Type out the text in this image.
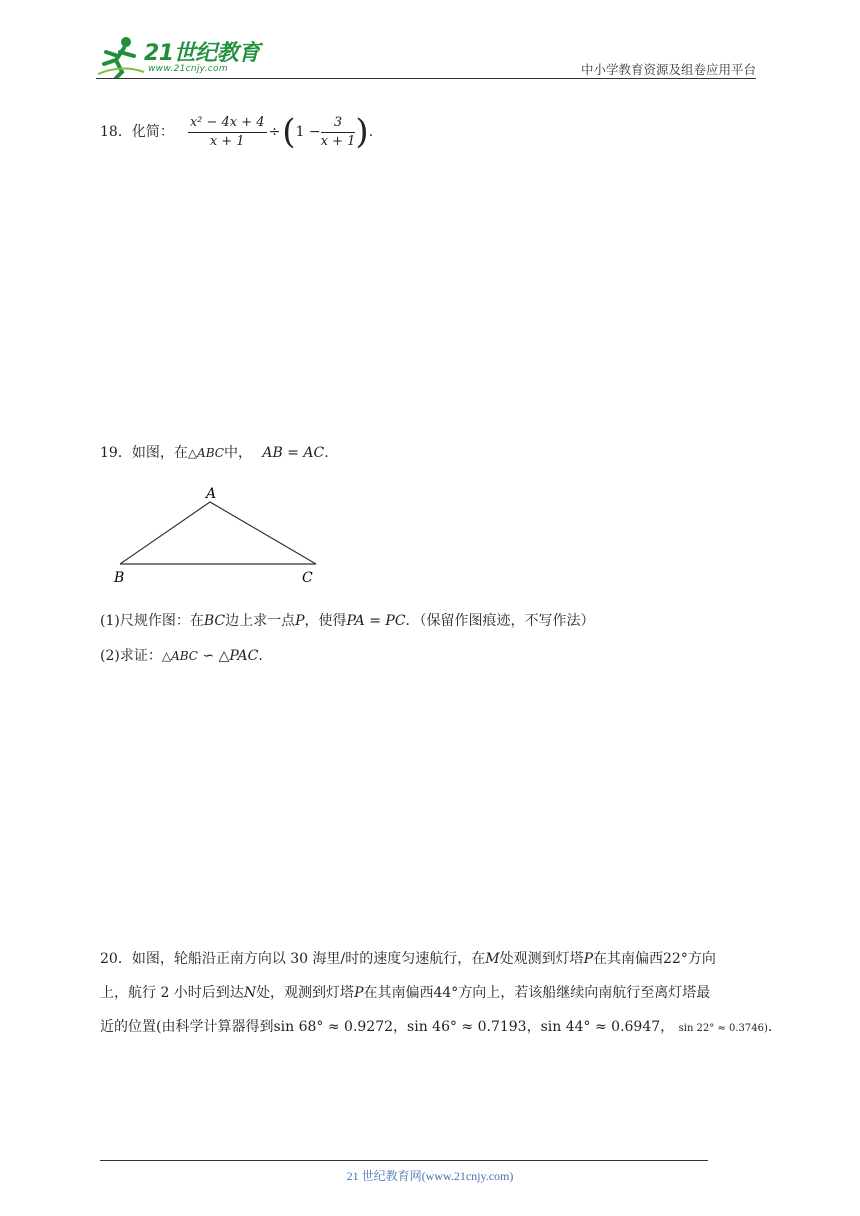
21世纪教育
www.21cnjy.com	中小学教育资源及组卷应用平台
18． 化简： $\frac{\text{x² − 4x + 4}}{x + 1}$ ÷ ( $1 - \frac{3}{x + 1}$ ) .
19．如图，在△ABC中， AB = AC.
A
B	C
(1)尺规作图：在BC边上求一点P，使得PA = PC．（保留作图痕迹，不写作法）
(2)求证：△ABC ∽ △PAC.
20．如图，轮船沿正南方向以 30 海里/时的速度匀速航行，在M处观测到灯塔P在其南偏西22°方向
上，航行 2 小时后到达N处，观测到灯塔P在其南偏西44°方向上，若该船继续向南航行至离灯塔最
近的位置(由科学计算器得到sin 68° ≈ 0.9272，sin 46° ≈ 0.7193，sin 44° ≈ 0.6947， sin 22° ≈ 0.3746).
21 世纪教育网(www.21cnjy.com)
